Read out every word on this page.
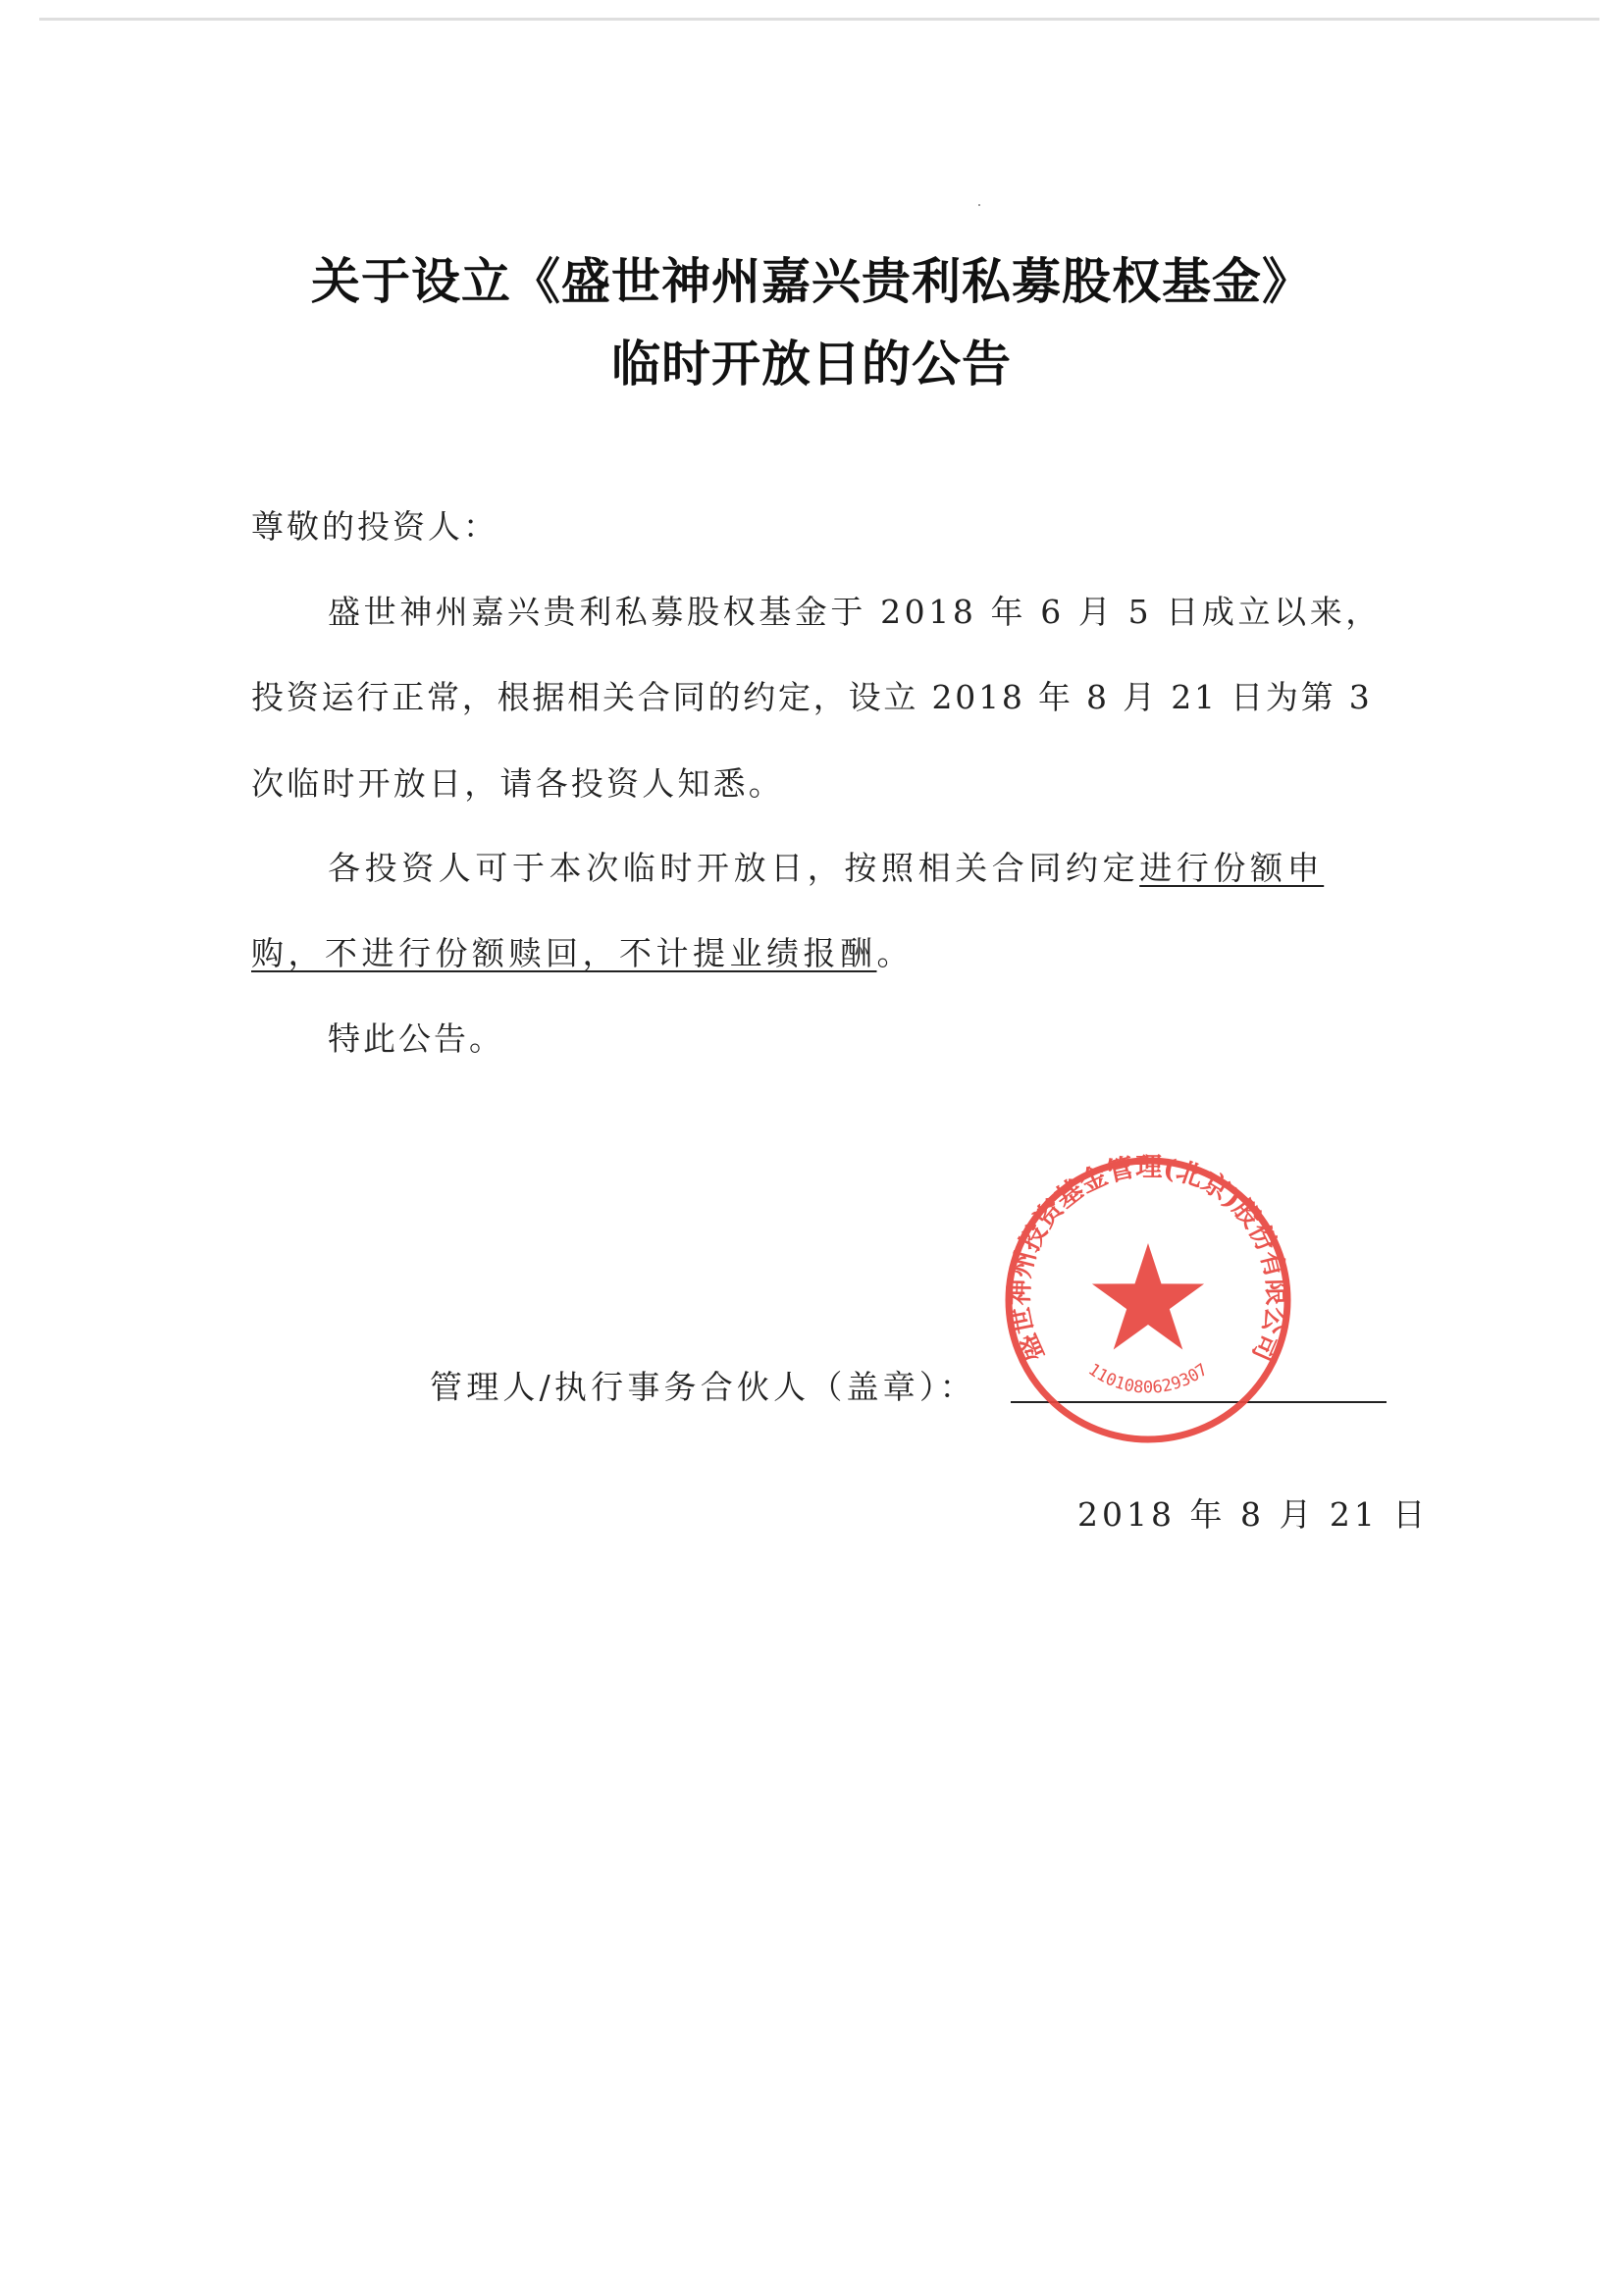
关于设立《盛世神州嘉兴贵利私募股权基金》
临时开放日的公告
尊敬的投资人：
盛世神州嘉兴贵利私募股权基金于 2018 年 6 月 5 日成立以来，
投资运行正常，根据相关合同的约定，设立 2018 年 8 月 21 日为第 3
次临时开放日，请各投资人知悉。
各投资人可于本次临时开放日，按照相关合同约定进行份额申
购，不进行份额赎回，不计提业绩报酬。
特此公告。
管理人/执行事务合伙人（盖章）：
2018 年 8 月 21 日
盛世神州投资基金管理(北京)股份有限公司
1101080629307
